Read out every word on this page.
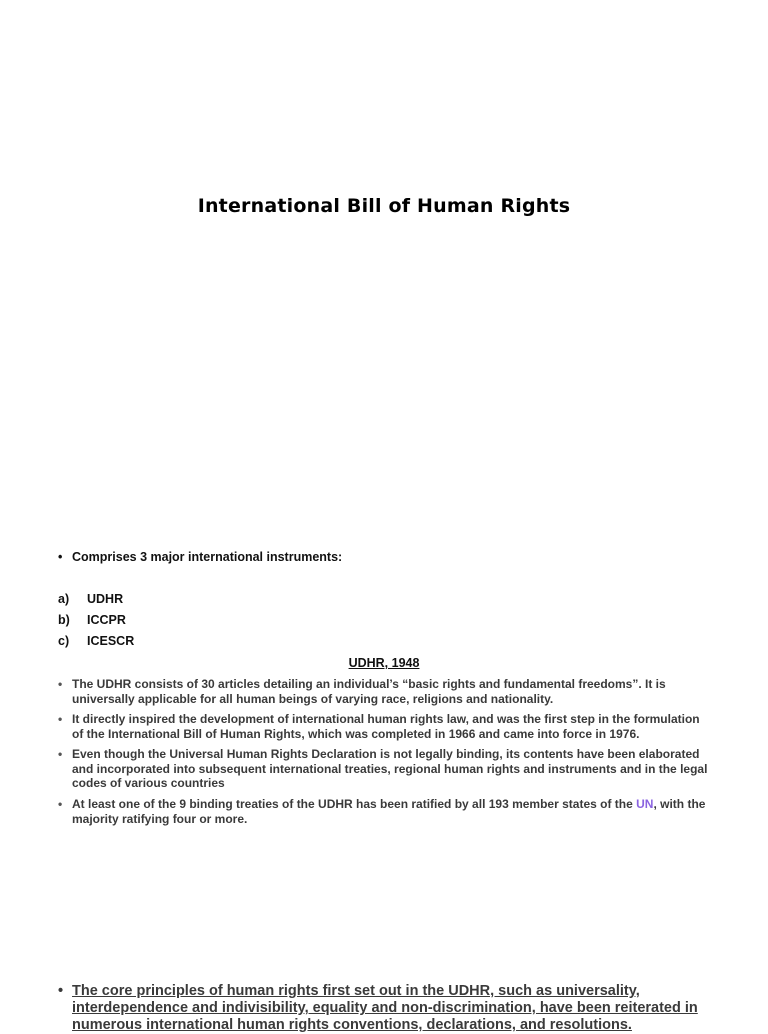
International Bill of Human Rights
• Comprises 3 major international instruments:
a) UDHR
b) ICCPR
c) ICESCR
UDHR, 1948
• The UDHR consists of 30 articles detailing an individual’s “basic rights and fundamental freedoms”. It is universally applicable for all human beings of varying race, religions and nationality.
• It directly inspired the development of international human rights law, and was the first step in the formulation of the International Bill of Human Rights, which was completed in 1966 and came into force in 1976.
• Even though the Universal Human Rights Declaration is not legally binding, its contents have been elaborated and incorporated into subsequent international treaties, regional human rights and instruments and in the legal codes of various countries
• At least one of the 9 binding treaties of the UDHR has been ratified by all 193 member states of the UN, with the majority ratifying four or more.
• The core principles of human rights first set out in the UDHR, such as universality, interdependence and indivisibility, equality and non-discrimination, have been reiterated in numerous international human rights conventions, declarations, and resolutions.
